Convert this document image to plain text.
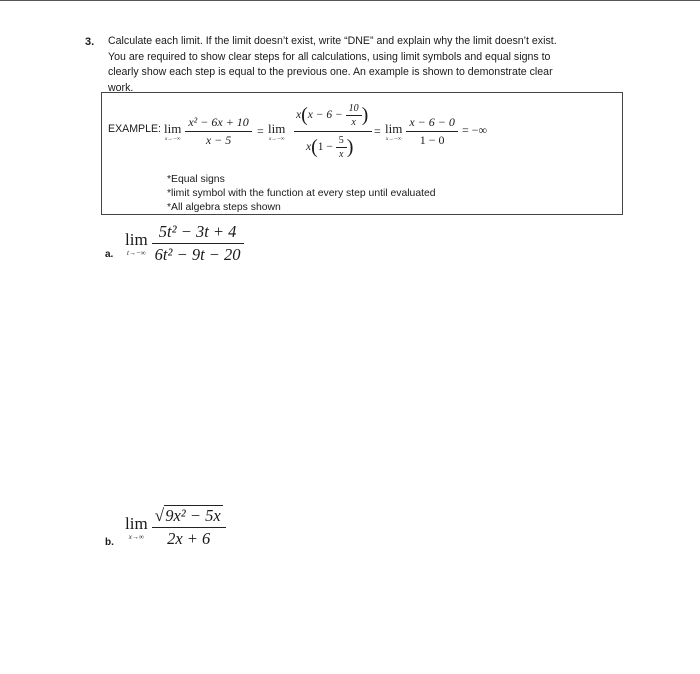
3. Calculate each limit. If the limit doesn’t exist, write “DNE” and explain why the limit doesn’t exist.
You are required to show clear steps for all calculations, using limit symbols and equal signs to
clearly show each step is equal to the previous one. An example is shown to demonstrate clear
work.
EXAMPLE: lim
x→−∞
$\frac{\text{x² − 6x + 10}}{x - 5} = \lim$
x→−∞
$x(x - 6 - \frac{10}{x}$ )
$x(1 - \frac{5}{x}$ )
= lim
x→−∞
$\frac{x - 6 - 0}{1 - 0}$ = −∞
*Equal signs
*limit symbol with the function at every step until evaluated
*All algebra steps shown
a.
lim
t→−∞
$\frac{\text{5t² − 3t + 4}}{\text{6t² − 9t − 20}}$
b.
lim
x→∞
$\frac{\text{√ 9x² − 5x}}{2x + 6}$
